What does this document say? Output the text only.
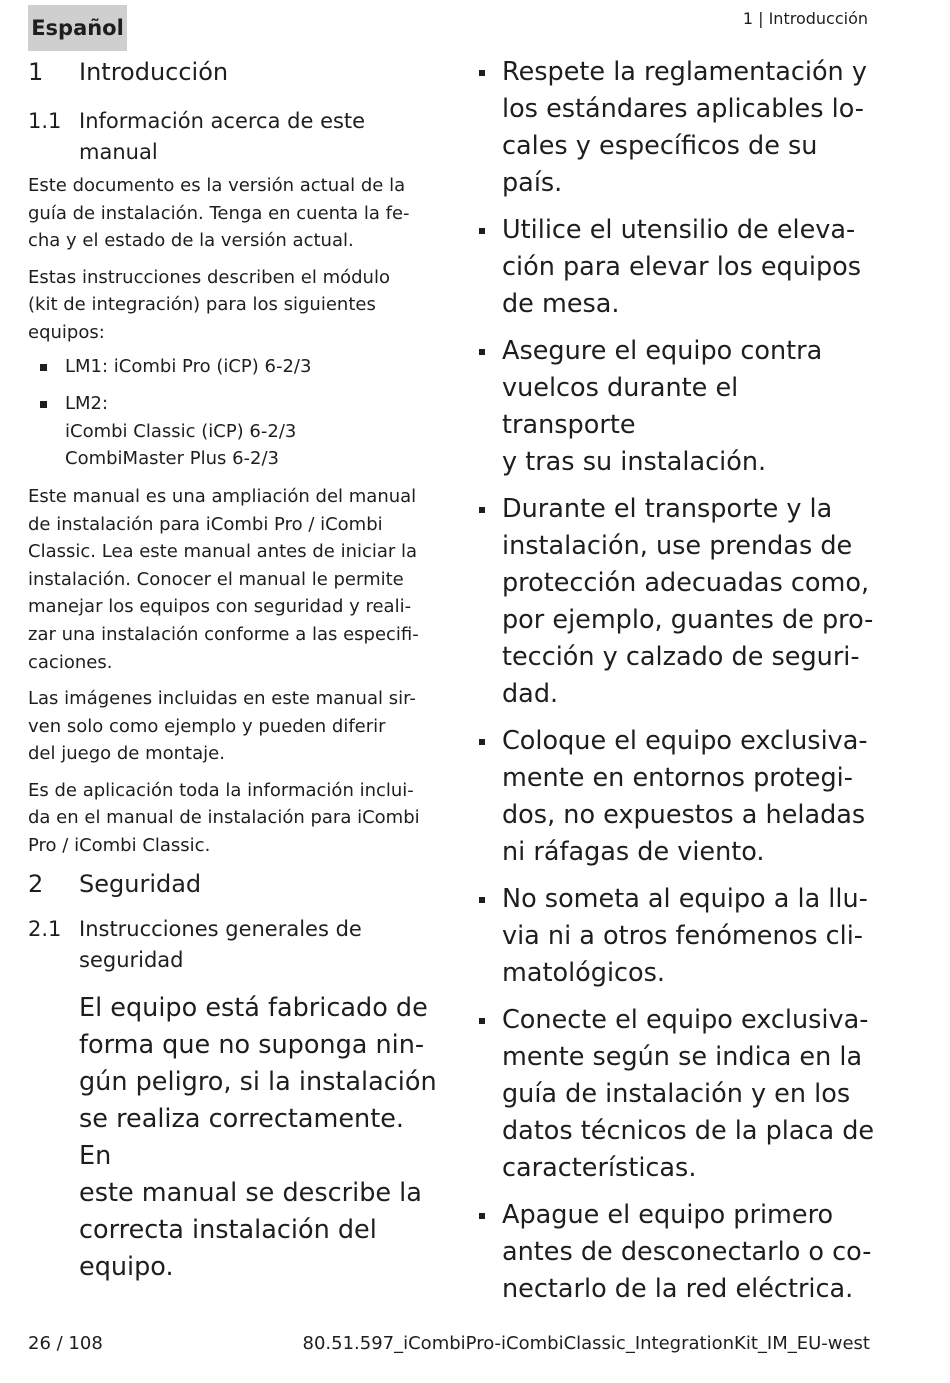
Español	1 | Introducción
1	Introducción
1.1 Información acerca de este manual

Este documento es la versión actual de la
guía de instalación. Tenga en cuenta la fe-
cha y el estado de la versión actual.

Estas instrucciones describen el módulo
(kit de integración) para los siguientes
equipos:

LM1: iCombi Pro (iCP) 6-2/3
LM2:
iCombi Classic (iCP) 6-2/3
CombiMaster Plus 6-2/3

Este manual es una ampliación del manual
de instalación para iCombi Pro / iCombi
Classic. Lea este manual antes de iniciar la
instalación. Conocer el manual le permite
manejar los equipos con seguridad y reali-
zar una instalación conforme a las especifi-
caciones.

Las imágenes incluidas en este manual sir-
ven solo como ejemplo y pueden diferir
del juego de montaje.

Es de aplicación toda la información inclui-
da en el manual de instalación para iCombi
Pro / iCombi Classic.

2	Seguridad
2.1 Instrucciones generales de
seguridad
El equipo está fabricado de
forma que no suponga nin-
gún peligro, si la instalación
se realiza correctamente. En
este manual se describe la
correcta instalación del
equipo.
Respete la reglamentación y
los estándares aplicables lo-
cales y específicos de su país.
Utilice el utensilio de eleva-
ción para elevar los equipos
de mesa.
Asegure el equipo contra
vuelcos durante el transporte
y tras su instalación.
Durante el transporte y la
instalación, use prendas de
protección adecuadas como,
por ejemplo, guantes de pro-
tección y calzado de seguri-
dad.
Coloque el equipo exclusiva-
mente en entornos protegi-
dos, no expuestos a heladas
ni ráfagas de viento.
No someta al equipo a la llu-
via ni a otros fenómenos cli-
matológicos.
Conecte el equipo exclusiva-
mente según se indica en la
guía de instalación y en los
datos técnicos de la placa de
características.
Apague el equipo primero
antes de desconectarlo o co-
nectarlo de la red eléctrica.
26 / 108	80.51.597_iCombiPro-iCombiClassic_IntegrationKit_IM_EU-west
